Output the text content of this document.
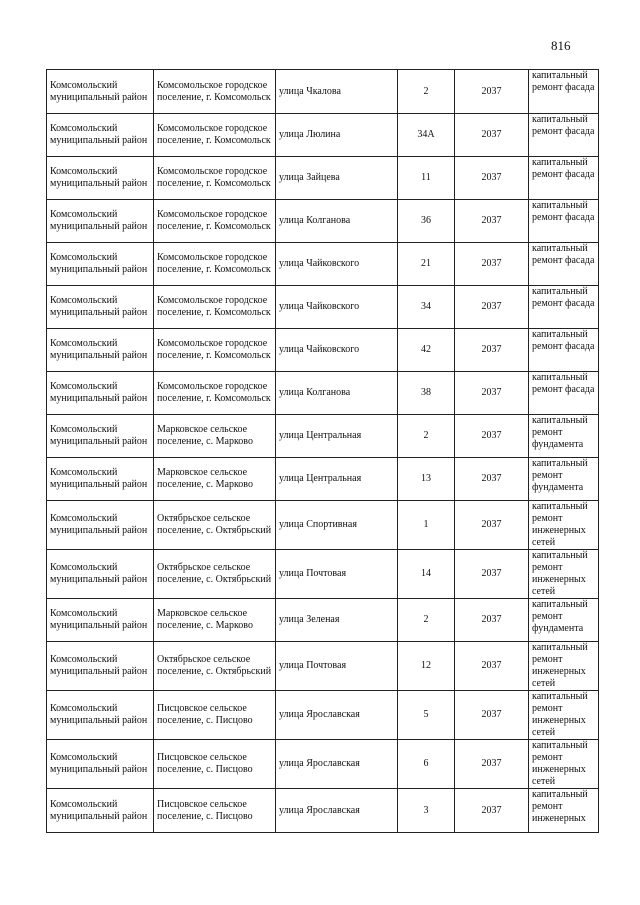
816
Комсомольский муниципальный район	Комсомольское городское поселение, г. Комсомольск	улица Чкалова	2	2037	капитальный ремонт фасада
Комсомольский муниципальный район	Комсомольское городское поселение, г. Комсомольск	улица Люлина	34А	2037	капитальный ремонт фасада
Комсомольский муниципальный район	Комсомольское городское поселение, г. Комсомольск	улица Зайцева	11	2037	капитальный ремонт фасада
Комсомольский муниципальный район	Комсомольское городское поселение, г. Комсомольск	улица Колганова	36	2037	капитальный ремонт фасада
Комсомольский муниципальный район	Комсомольское городское поселение, г. Комсомольск	улица Чайковского	21	2037	капитальный ремонт фасада
Комсомольский муниципальный район	Комсомольское городское поселение, г. Комсомольск	улица Чайковского	34	2037	капитальный ремонт фасада
Комсомольский муниципальный район	Комсомольское городское поселение, г. Комсомольск	улица Чайковского	42	2037	капитальный ремонт фасада
Комсомольский муниципальный район	Комсомольское городское поселение, г. Комсомольск	улица Колганова	38	2037	капитальный ремонт фасада
Комсомольский муниципальный район	Марковское сельское поселение, с. Марково	улица Центральная	2	2037	капитальный ремонт фундамента
Комсомольский муниципальный район	Марковское сельское поселение, с. Марково	улица Центральная	13	2037	капитальный ремонт фундамента
Комсомольский муниципальный район	Октябрьское сельское поселение, с. Октябрьский	улица Спортивная	1	2037	капитальный ремонт инженерных сетей
Комсомольский муниципальный район	Октябрьское сельское поселение, с. Октябрьский	улица Почтовая	14	2037	капитальный ремонт инженерных сетей
Комсомольский муниципальный район	Марковское сельское поселение, с. Марково	улица Зеленая	2	2037	капитальный ремонт фундамента
Комсомольский муниципальный район	Октябрьское сельское поселение, с. Октябрьский	улица Почтовая	12	2037	капитальный ремонт инженерных сетей
Комсомольский муниципальный район	Писцовское сельское поселение, с. Писцово	улица Ярославская	5	2037	капитальный ремонт инженерных сетей
Комсомольский муниципальный район	Писцовское сельское поселение, с. Писцово	улица Ярославская	6	2037	капитальный ремонт инженерных сетей
Комсомольский муниципальный район	Писцовское сельское поселение, с. Писцово	улица Ярославская	3	2037	капитальный ремонт инженерных
